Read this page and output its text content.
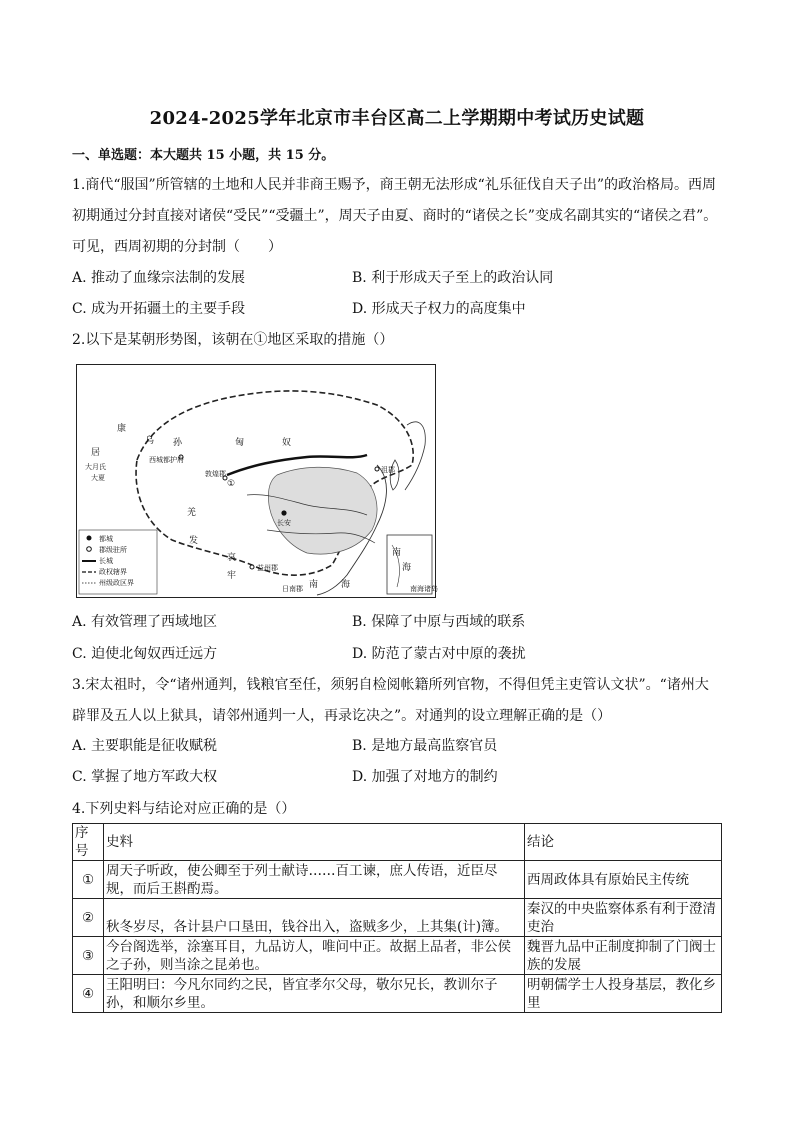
2024-2025学年北京市丰台区高二上学期期中考试历史试题
一、单选题：本大题共 15 小题，共 15 分。
1.商代“服国”所管辖的土地和人民并非商王赐予，商王朝无法形成“礼乐征伐自天子出”的政治格局。西周初期通过分封直接对诸侯“受民”“受疆土”，周天子由夏、商时的“诸侯之长”变成名副其实的“诸侯之君”。可见，西周初期的分封制（　　）
A. 推动了血缘宗法制的发展	B. 利于形成天子至上的政治认同
C. 成为开拓疆土的主要手段	D. 形成天子权力的高度集中
2.以下是某朝形势图，该朝在①地区采取的措施（）
都城
郡级驻所
长城
政权辖界
州级政区界
南海诸岛
康
居
乌 孙	匈	奴
大月氏
大夏
西城都护府
敦煌郡
长安
羌
发
益州郡
哀
牢
南	海
日南郡
沮郡
①
南
海
A. 有效管理了西域地区	B. 保障了中原与西域的联系
C. 迫使北匈奴西迁远方	D. 防范了蒙古对中原的袭扰
3.宋太祖时，令“诸州通判，钱粮官至任，须躬自检阅帐籍所列官物，不得但凭主吏管认文状”。“诸州大辟罪及五人以上狱具，请邻州通判一人，再录讫决之”。对通判的设立理解正确的是（）
A. 主要职能是征收赋税	B. 是地方最高监察官员
C. 掌握了地方军政大权	D. 加强了对地方的制约
4.下列史料与结论对应正确的是（）
序号	史料	结论
①	周天子听政，使公卿至于列士献诗……百工谏，庶人传语，近臣尽规，而后王斟酌焉。	西周政体具有原始民主传统
②	秋冬岁尽，各计县户口垦田，钱谷出入，盗贼多少，上其集(计)簿。	秦汉的中央监察体系有利于澄清吏治
③	今台阁选举，涂塞耳目，九品访人，唯问中正。故据上品者，非公侯之子孙，则当涂之昆弟也。	魏晋九品中正制度抑制了门阀士族的发展
④	王阳明曰：今凡尔同约之民，皆宜孝尔父母，敬尔兄长，教训尔子孙，和顺尔乡里。	明朝儒学士人投身基层，教化乡里
